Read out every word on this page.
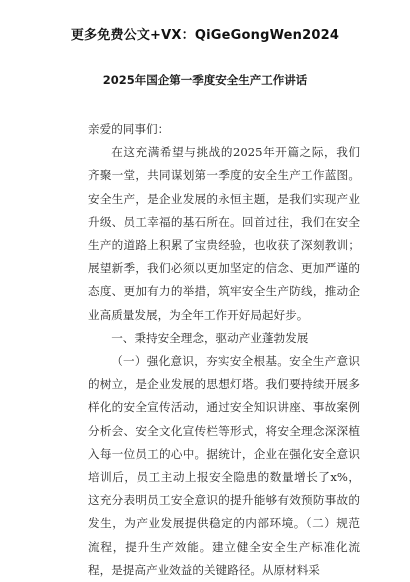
更多免费公文+VX：QiGeGongWen2024
2025年国企第一季度安全生产工作讲话

亲爱的同事们：

在这充满希望与挑战的2025年开篇之际，我们齐聚一堂，共同谋划第一季度的安全生产工作蓝图。安全生产，是企业发展的永恒主题，是我们实现产业升级、员工幸福的基石所在。回首过往，我们在安全生产的道路上积累了宝贵经验，也收获了深刻教训；展望新季，我们必须以更加坚定的信念、更加严谨的态度、更加有力的举措，筑牢安全生产防线，推动企业高质量发展，为全年工作开好局起好步。

一、秉持安全理念，驱动产业蓬勃发展

（一）强化意识，夯实安全根基。安全生产意识的树立，是企业发展的思想灯塔。我们要持续开展多样化的安全宣传活动，通过安全知识讲座、事故案例分析会、安全文化宣传栏等形式，将安全理念深深植入每一位员工的心中。据统计，企业在强化安全意识培训后，员工主动上报安全隐患的数量增长了x%，这充分表明员工安全意识的提升能够有效预防事故的发生，为产业发展提供稳定的内部环境。（二）规范流程，提升生产效能。建立健全安全生产标准化流程，是提高产业效益的关键路径。从原材料采
